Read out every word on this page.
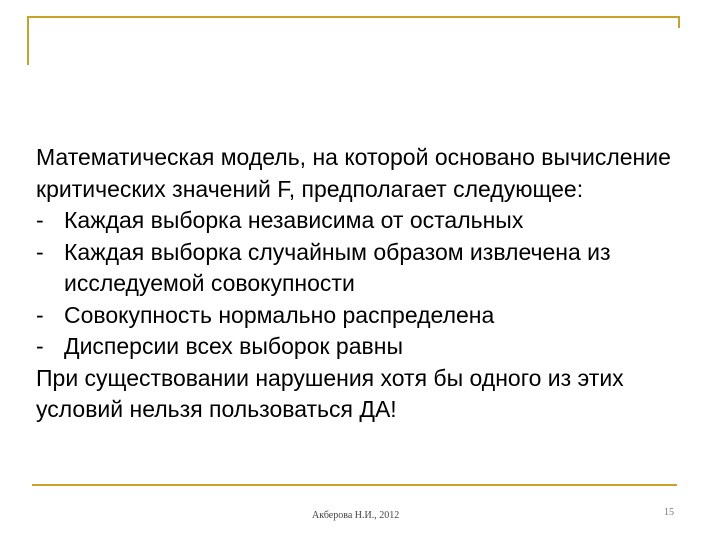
Математическая модель, на которой основано вычисление
критических значений F, предполагает следующее:
- Каждая выборка независима от остальных
- Каждая выборка случайным образом извлечена из исследуемой совокупности
- Совокупность нормально распределена
- Дисперсии всех выборок равны
При существовании нарушения хотя бы одного из этих
условий нельзя пользоваться ДА!
Акберова Н.И., 2012	15
